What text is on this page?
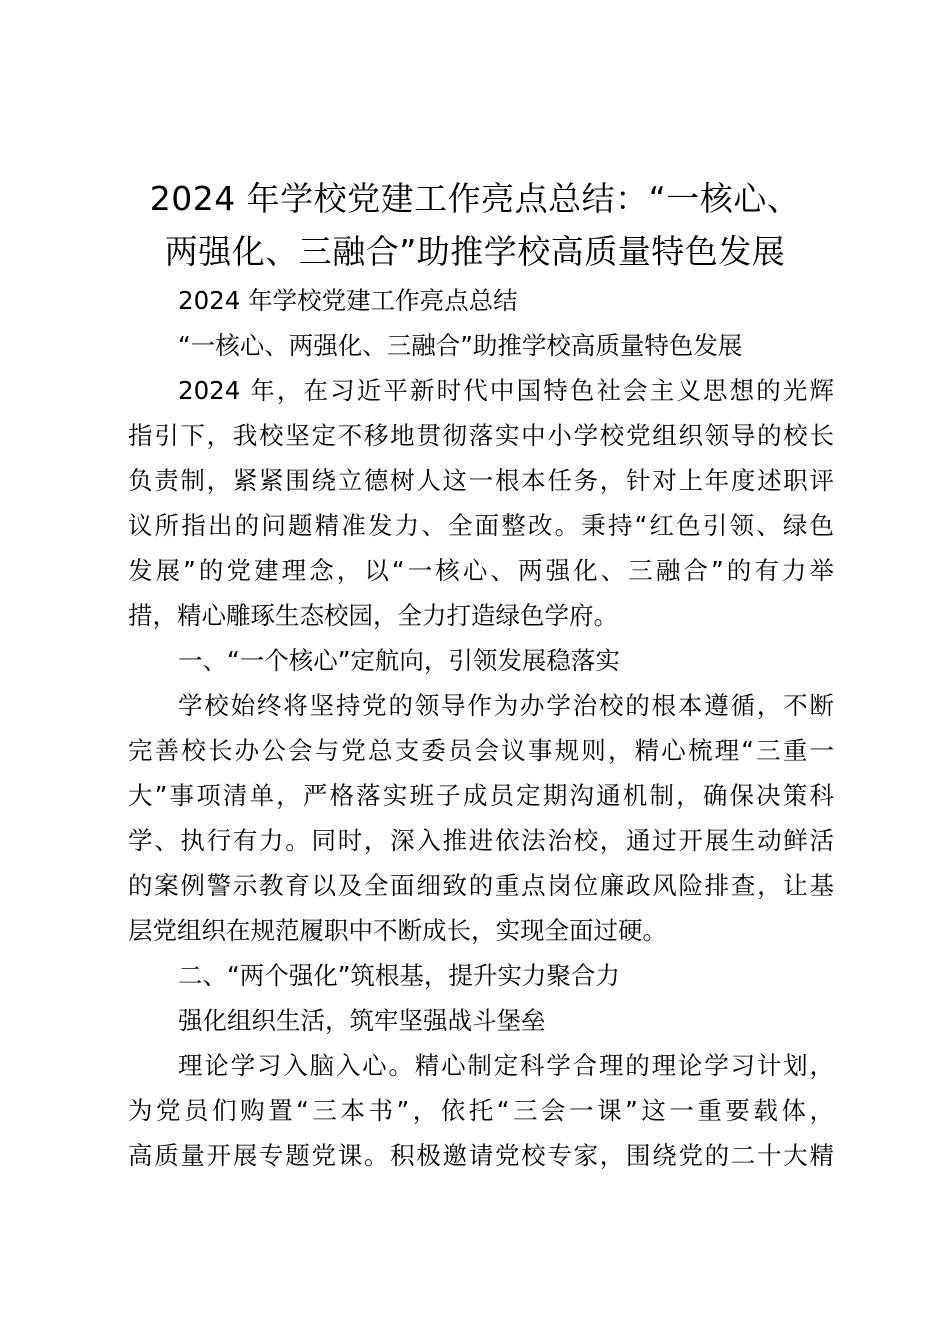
2024 年学校党建工作亮点总结：“一核心、
两强化、三融合”助推学校高质量特色发展
2024 年学校党建工作亮点总结
“一核心、两强化、三融合”助推学校高质量特色发展
2024 年，在习近平新时代中国特色社会主义思想的光辉
指引下，我校坚定不移地贯彻落实中小学校党组织领导的校长
负责制，紧紧围绕立德树人这一根本任务，针对上年度述职评
议所指出的问题精准发力、全面整改。秉持“红色引领、绿色
发展”的党建理念，以“一核心、两强化、三融合”的有力举
措，精心雕琢生态校园，全力打造绿色学府。
一、“一个核心”定航向，引领发展稳落实
学校始终将坚持党的领导作为办学治校的根本遵循，不断
完善校长办公会与党总支委员会议事规则，精心梳理“三重一
大”事项清单，严格落实班子成员定期沟通机制，确保决策科
学、执行有力。同时，深入推进依法治校，通过开展生动鲜活
的案例警示教育以及全面细致的重点岗位廉政风险排查，让基
层党组织在规范履职中不断成长，实现全面过硬。
二、“两个强化”筑根基，提升实力聚合力
强化组织生活，筑牢坚强战斗堡垒
理论学习入脑入心。精心制定科学合理的理论学习计划，
为党员们购置“三本书”，依托“三会一课”这一重要载体，
高质量开展专题党课。积极邀请党校专家，围绕党的二十大精
